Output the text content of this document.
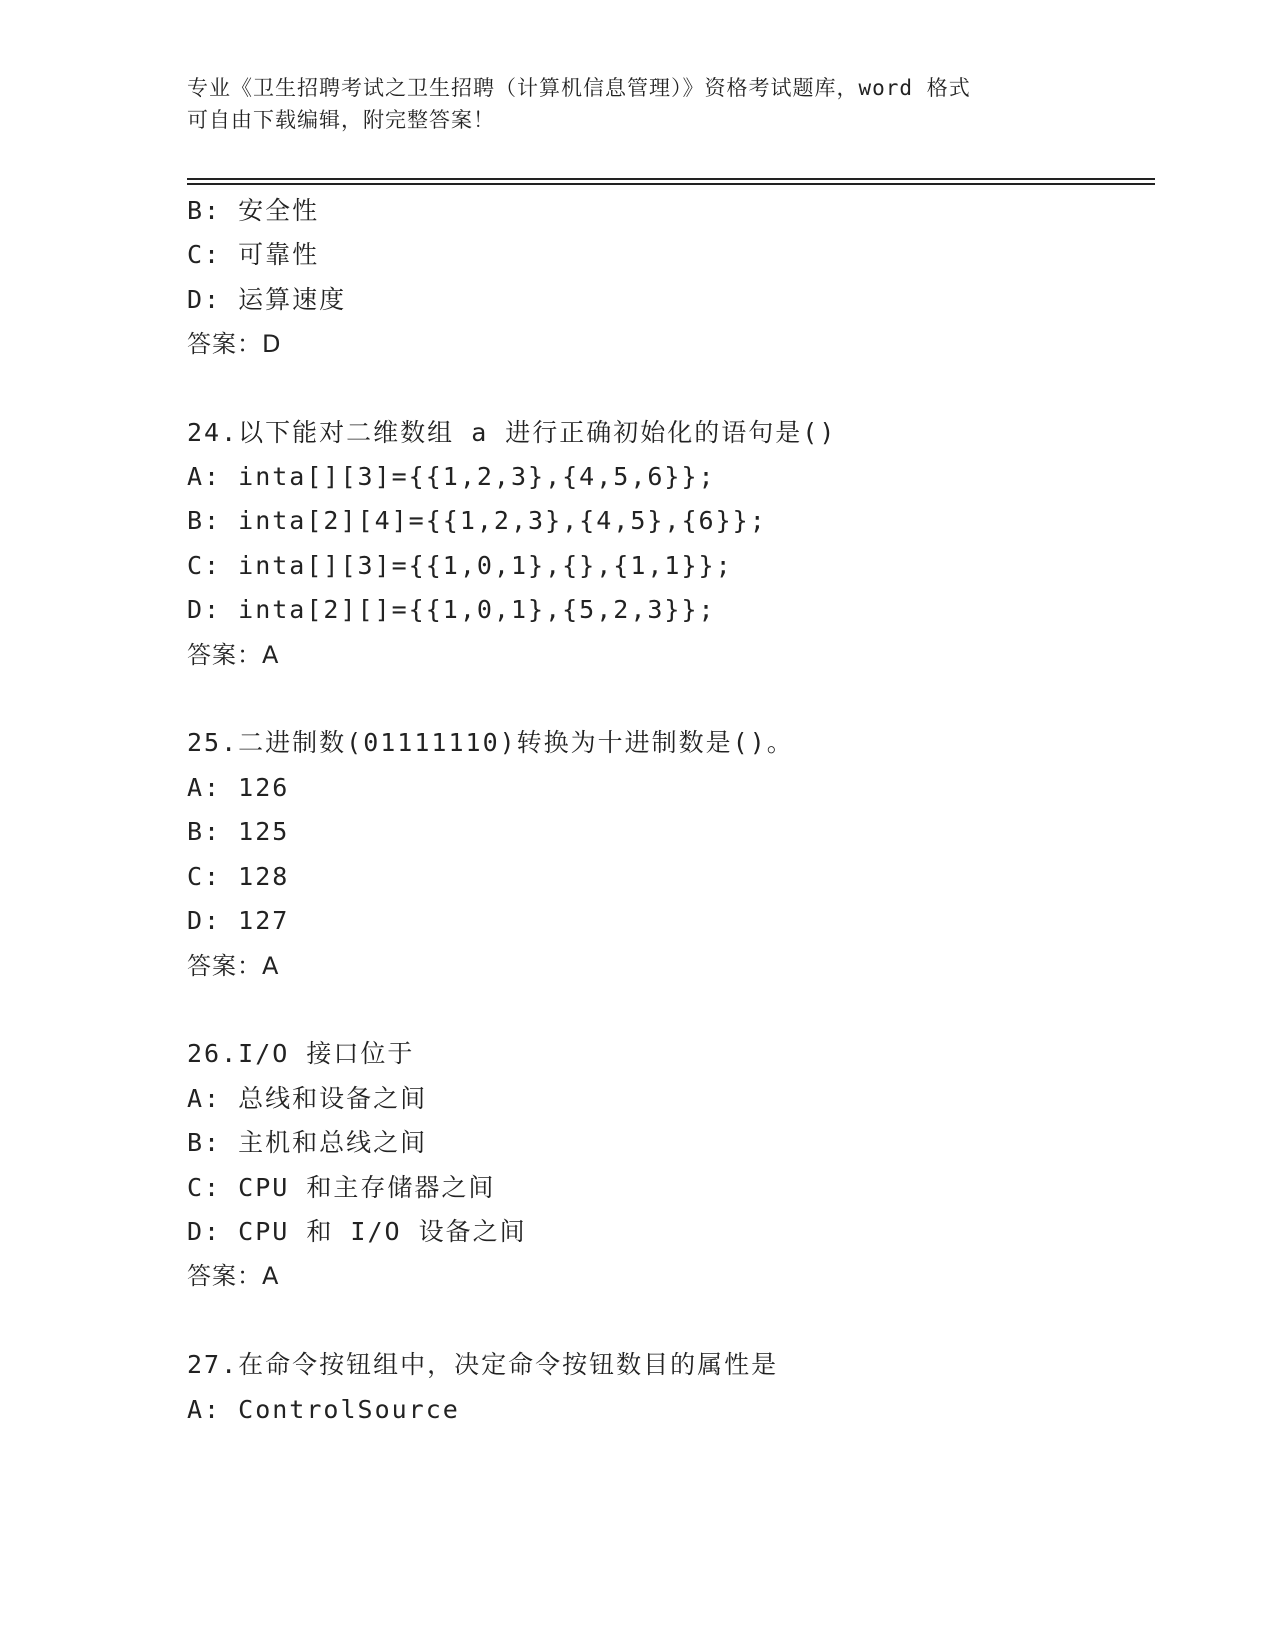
专业《卫生招聘考试之卫生招聘（计算机信息管理）》资格考试题库，word 格式
可自由下载编辑，附完整答案！
B: 安全性
C: 可靠性
D: 运算速度
答案：D
24.以下能对二维数组 a 进行正确初始化的语句是()
A: inta[][3]={{1,2,3},{4,5,6}};
B: inta[2][4]={{1,2,3},{4,5},{6}};
C: inta[][3]={{1,0,1},{},{1,1}};
D: inta[2][]={{1,0,1},{5,2,3}};
答案：A
25.二进制数(01111110)转换为十进制数是()。
A: 126
B: 125
C: 128
D: 127
答案：A
26.I/O 接口位于
A: 总线和设备之间
B: 主机和总线之间
C: CPU 和主存储器之间
D: CPU 和 I/O 设备之间
答案：A
27.在命令按钮组中，决定命令按钮数目的属性是
A: ControlSource
